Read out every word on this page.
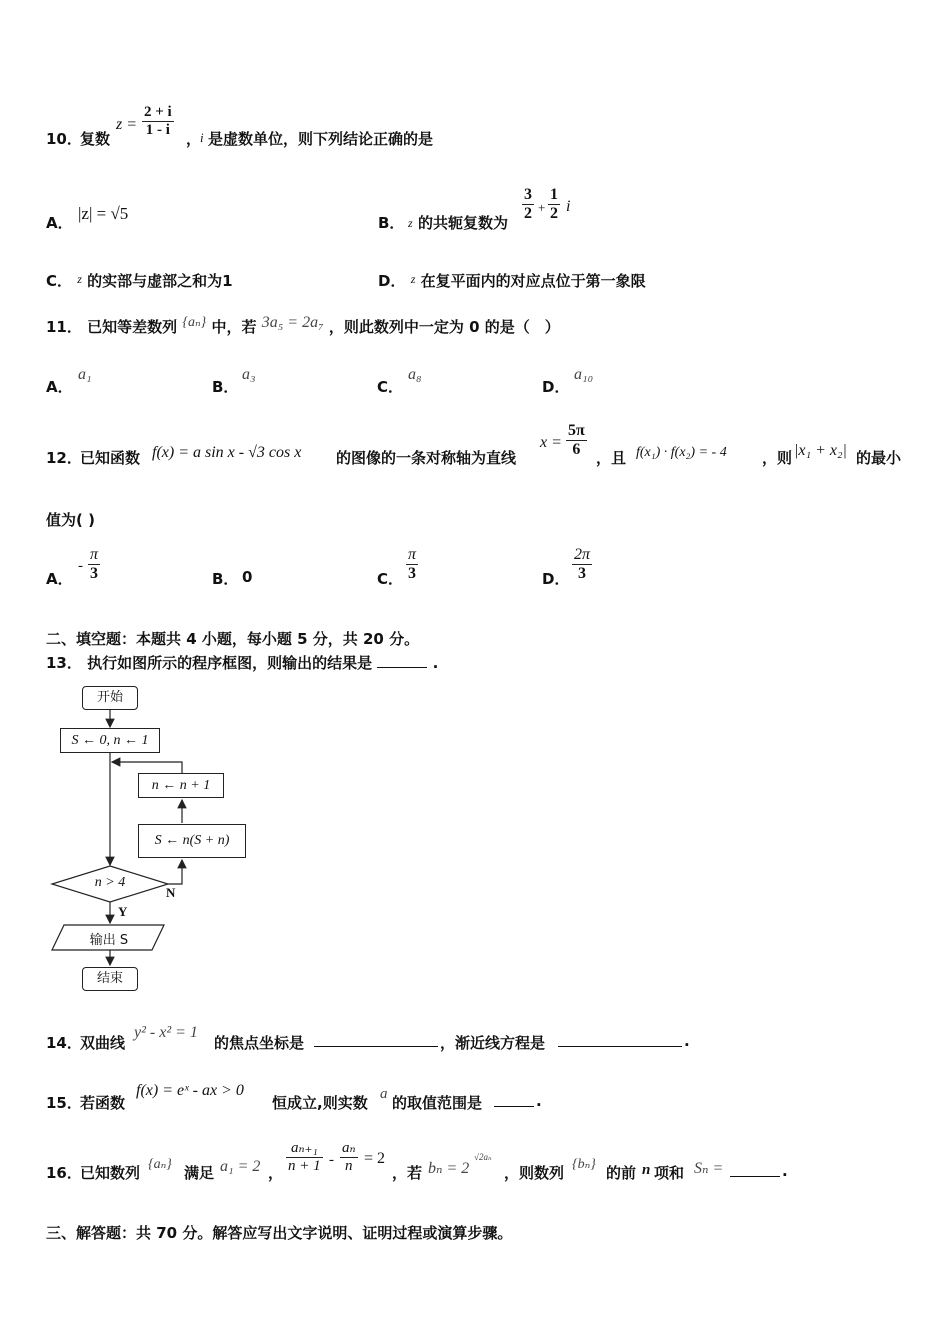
10．
复数
$z = \frac{2 + i}{1 - i}$ ，
i 是虚数单位，则下列结论正确的是
A． |z| = √5	B． z 的共轭复数为 $\frac{3}{2} + \frac{1}{2}$ i
C． $^z$ 的实部与虚部之和为1	D． $^z$ 在复平面内的对应点位于第一象限
11． 已知等差数列 {aₙ} 中，若 3a₅ = 2a₇ ，则此数列中一定为 0 的是（　）
A．
a₁
B．
a₃
C．
a₈
D．
a₁₀
12．
已知函数 f(x) = a sin x - √3 cos x 的图像的一条对称轴为直线
$x = \frac{5\pi}{6}$ ，且 f(x₁) · f(x₂) = - 4 ，则 |x₁ + x₂| 的最小
值为( )
A．
- $\frac{\pi}{3}$	B． 0	C． $\frac{\pi}{3}$	D． $\frac{2\pi}{3}$
二、填空题：本题共 4 小题，每小题 5 分，共 20 分。
13． 执行如图所示的程序框图，则输出的结果是	.
开始
S ← 0, n ← 1
n ← n + 1
S ← n(S + n)
n > 4
N
Y
输出 S
结束
14．
双曲线
y² - x² = 1
的焦点坐标是	，渐近线方程是	.
15．
若函数
f(x) = eˣ - ax > 0
恒成立,则实数 a 的取值范围是	.
16．
已知数列 {aₙ} 满足 a₁ = 2 ， $\frac{\text{aₙ₊₁}}{n + 1} - \frac{\text{aₙ}}{n} = 2$
，若 bₙ = 2
√2aₙ
，则数列 {bₙ} 的前 n 项和 Sₙ =	.
三、解答题：共 70 分。解答应写出文字说明、证明过程或演算步骤。
